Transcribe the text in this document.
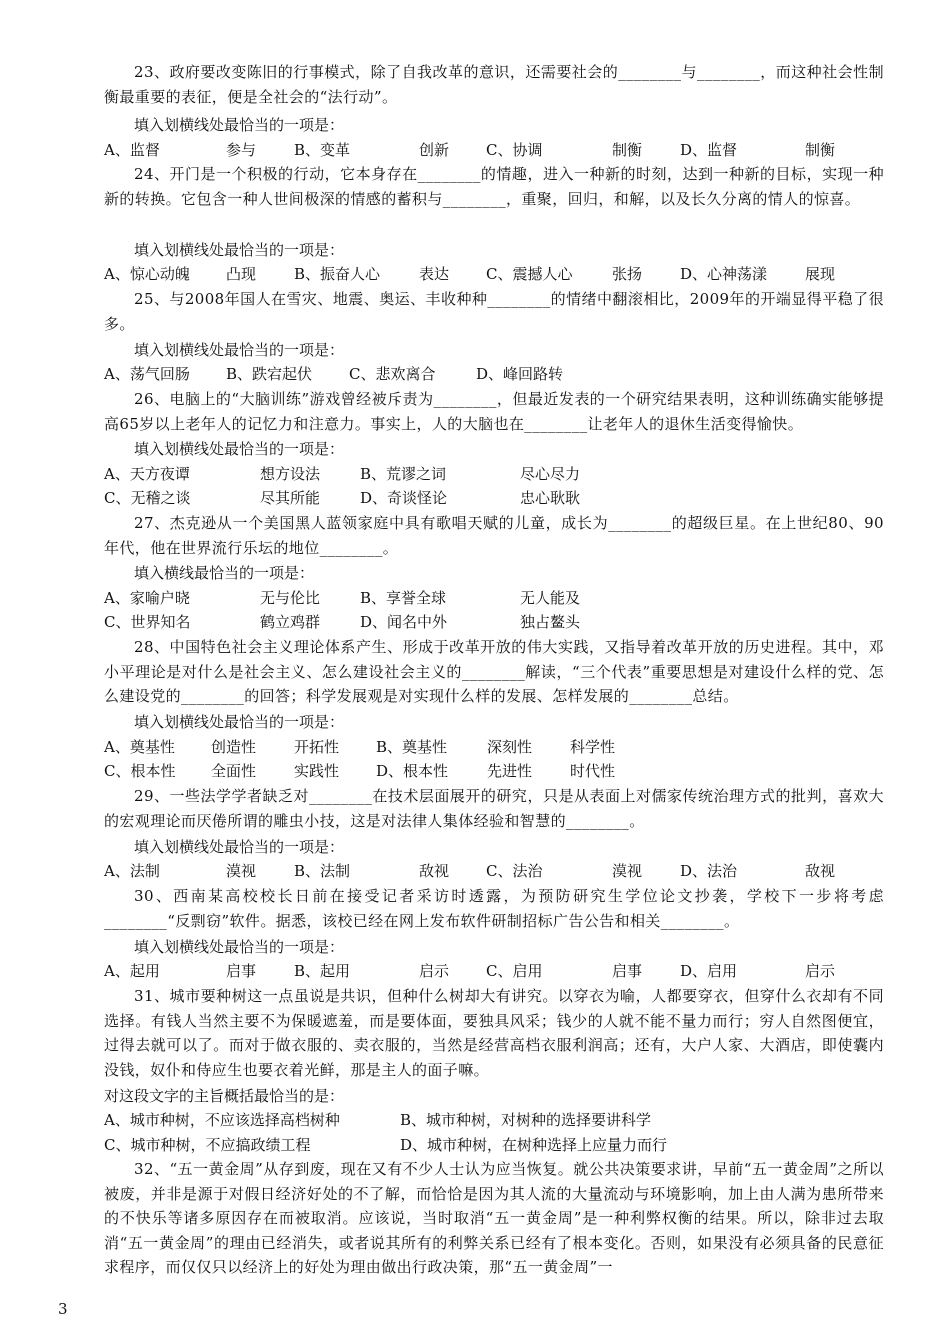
23、政府要改变陈旧的行事模式，除了自我改革的意识，还需要社会的________与________，而这种社会性制衡最重要的表征，便是全社会的“法行动”。

填入划横线处最恰当的一项是：

A、监督	参与	B、变革	创新 C、协调	制衡	D、监督	制衡

24、开门是一个积极的行动，它本身存在________的情趣，进入一种新的时刻，达到一种新的目标，实现一种新的转换。它包含一种人世间极深的情感的蓄积与________，重聚，回归，和解，以及长久分离的情人的惊喜。

填入划横线处最恰当的一项是：

A、惊心动魄 凸现	B、振奋人心	表达 C、震撼人心	张扬	D、心神荡漾	展现

25、与2008年国人在雪灾、地震、奥运、丰收种种________的情绪中翻滚相比，2009年的开端显得平稳了很多。

填入划横线处最恰当的一项是：

A、荡气回肠 B、跌宕起伏 C、悲欢离合	D、峰回路转

26、电脑上的“大脑训练”游戏曾经被斥责为________，但最近发表的一个研究结果表明，这种训练确实能够提高65岁以上老年人的记忆力和注意力。事实上，人的大脑也在________让老年人的退休生活变得愉快。

填入划横线处最恰当的一项是：

A、天方夜谭	想方设法	B、荒谬之词	尽心尽力
C、无稽之谈	尽其所能	D、奇谈怪论	忠心耿耿

27、杰克逊从一个美国黑人蓝领家庭中具有歌唱天赋的儿童，成长为________的超级巨星。在上世纪80、90年代，他在世界流行乐坛的地位________。

填入横线最恰当的一项是：

A、家喻户晓	无与伦比	B、享誉全球	无人能及
C、世界知名	鹤立鸡群	D、闻名中外	独占鳌头

28、中国特色社会主义理论体系产生、形成于改革开放的伟大实践，又指导着改革开放的历史进程。其中，邓小平理论是对什么是社会主义、怎么建设社会主义的________解读，“三个代表”重要思想是对建设什么样的党、怎么建设党的________的回答；科学发展观是对实现什么样的发展、怎样发展的________总结。

填入划横线处最恰当的一项是：

A、奠基性 创造性	开拓性 B、奠基性	深刻性	科学性
C、根本性 全面性	实践性 D、根本性	先进性	时代性

29、一些法学学者缺乏对________在技术层面展开的研究，只是从表面上对儒家传统治理方式的批判，喜欢大的宏观理论而厌倦所谓的雕虫小技，这是对法律人集体经验和智慧的________。

填入划横线处最恰当的一项是：

A、法制	漠视	B、法制	敌视 C、法治	漠视	D、法治	敌视

30、西南某高校校长日前在接受记者采访时透露，为预防研究生学位论文抄袭，学校下一步将考虑________“反剽窃”软件。据悉，该校已经在网上发布软件研制招标广告公告和相关________。

填入划横线处最恰当的一项是：

A、起用	启事	B、起用	启示 C、启用	启事	D、启用	启示

31、城市要种树这一点虽说是共识，但种什么树却大有讲究。以穿衣为喻，人都要穿衣，但穿什么衣却有不同选择。有钱人当然主要不为保暖遮羞，而是要体面，要独具风采；钱少的人就不能不量力而行；穷人自然图便宜，过得去就可以了。而对于做衣服的、卖衣服的，当然是经营高档衣服利润高；还有，大户人家、大酒店，即使囊内没钱，奴仆和侍应生也要衣着光鲜，那是主人的面子嘛。

对这段文字的主旨概括最恰当的是：

A、城市种树，不应该选择高档树种	B、城市种树，对树种的选择要讲科学
C、城市种树，不应搞政绩工程	D、城市种树，在树种选择上应量力而行

32、“五一黄金周”从存到废，现在又有不少人士认为应当恢复。就公共决策要求讲，早前“五一黄金周”之所以被废，并非是源于对假日经济好处的不了解，而恰恰是因为其人流的大量流动与环境影响，加上由人满为患所带来的不快乐等诸多原因存在而被取消。应该说，当时取消“五一黄金周”是一种利弊权衡的结果。所以，除非过去取消“五一黄金周”的理由已经消失，或者说其所有的利弊关系已经有了根本变化。否则，如果没有必须具备的民意征求程序，而仅仅只以经济上的好处为理由做出行政决策，那“五一黄金周”一

3
